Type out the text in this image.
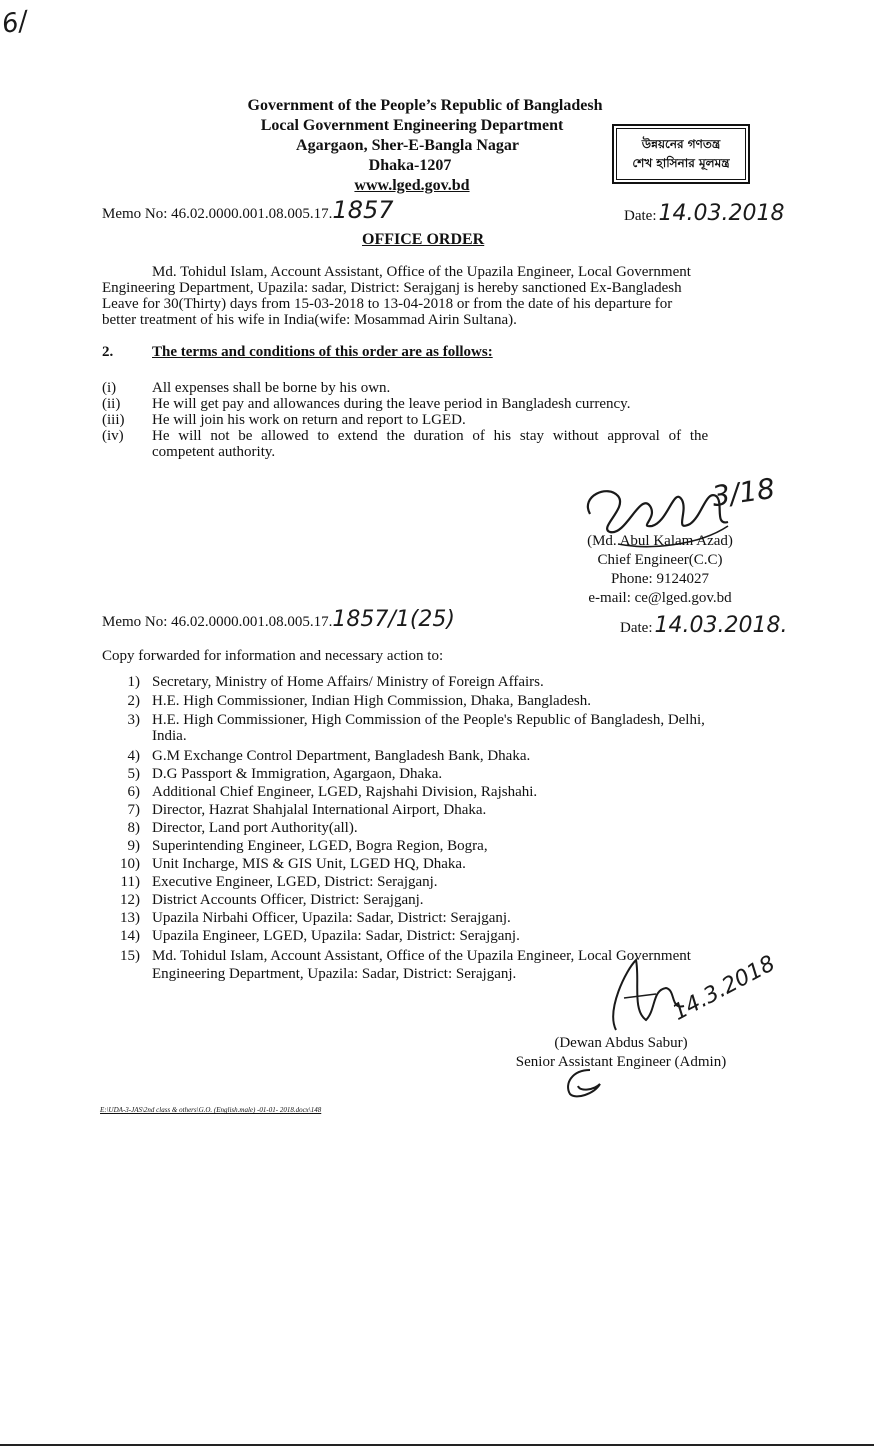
6/
Government of the People’s Republic of Bangladesh
Local Government Engineering Department
Agargaon, Sher-E-Bangla Nagar
Dhaka-1207
www.lged.gov.bd
উন্নয়নের গণতন্ত্র
শেখ হাসিনার মূলমন্ত্র
Memo No: 46.02.0000.001.08.005.17.1857	Date:14.03.2018
OFFICE ORDER
Md. Tohidul Islam, Account Assistant, Office of the Upazila Engineer, Local Government
Engineering Department, Upazila: sadar, District: Serajganj is hereby sanctioned Ex-Bangladesh
Leave for 30(Thirty) days from 15-03-2018 to 13-04-2018 or from the date of his departure for
better treatment of his wife in India(wife: Mosammad Airin Sultana).
2.	The terms and conditions of this order are as follows:
(i) All expenses shall be borne by his own.
(ii) He will get pay and allowances during the leave period in Bangladesh currency.
(iii) He will join his work on return and report to LGED.
(iv) He will not be allowed to extend the duration of his stay without approval of the
competent authority.
3/18
(Md. Abul Kalam Azad)
Chief Engineer(C.C)
Phone: 9124027
e-mail: ce@lged.gov.bd
Memo No: 46.02.0000.001.08.005.17.1857/1(25)	Date:14.03.2018.
Copy forwarded for information and necessary action to:
1) Secretary, Ministry of Home Affairs/ Ministry of Foreign Affairs.
2) H.E. High Commissioner, Indian High Commission, Dhaka, Bangladesh.
3) H.E. High Commissioner, High Commission of the People's Republic of Bangladesh, Delhi,
India.
4) G.M Exchange Control Department, Bangladesh Bank, Dhaka.
5) D.G Passport & Immigration, Agargaon, Dhaka.
6) Additional Chief Engineer, LGED, Rajshahi Division, Rajshahi.
7) Director, Hazrat Shahjalal International Airport, Dhaka.
8) Director, Land port Authority(all).
9) Superintending Engineer, LGED, Bogra Region, Bogra,
10) Unit Incharge, MIS & GIS Unit, LGED HQ, Dhaka.
11) Executive Engineer, LGED, District: Serajganj.
12) District Accounts Officer, District: Serajganj.
13) Upazila Nirbahi Officer, Upazila: Sadar, District: Serajganj.
14) Upazila Engineer, LGED, Upazila: Sadar, District: Serajganj.
15) Md. Tohidul Islam, Account Assistant, Office of the Upazila Engineer, Local Government
Engineering Department, Upazila: Sadar, District: Serajganj.	14.3.2018
(Dewan Abdus Sabur)
Senior Assistant Engineer (Admin)
E:\UDA-3-JAS\2nd class & others\G.O. (English.male) -01-01- 2018.docx\148
